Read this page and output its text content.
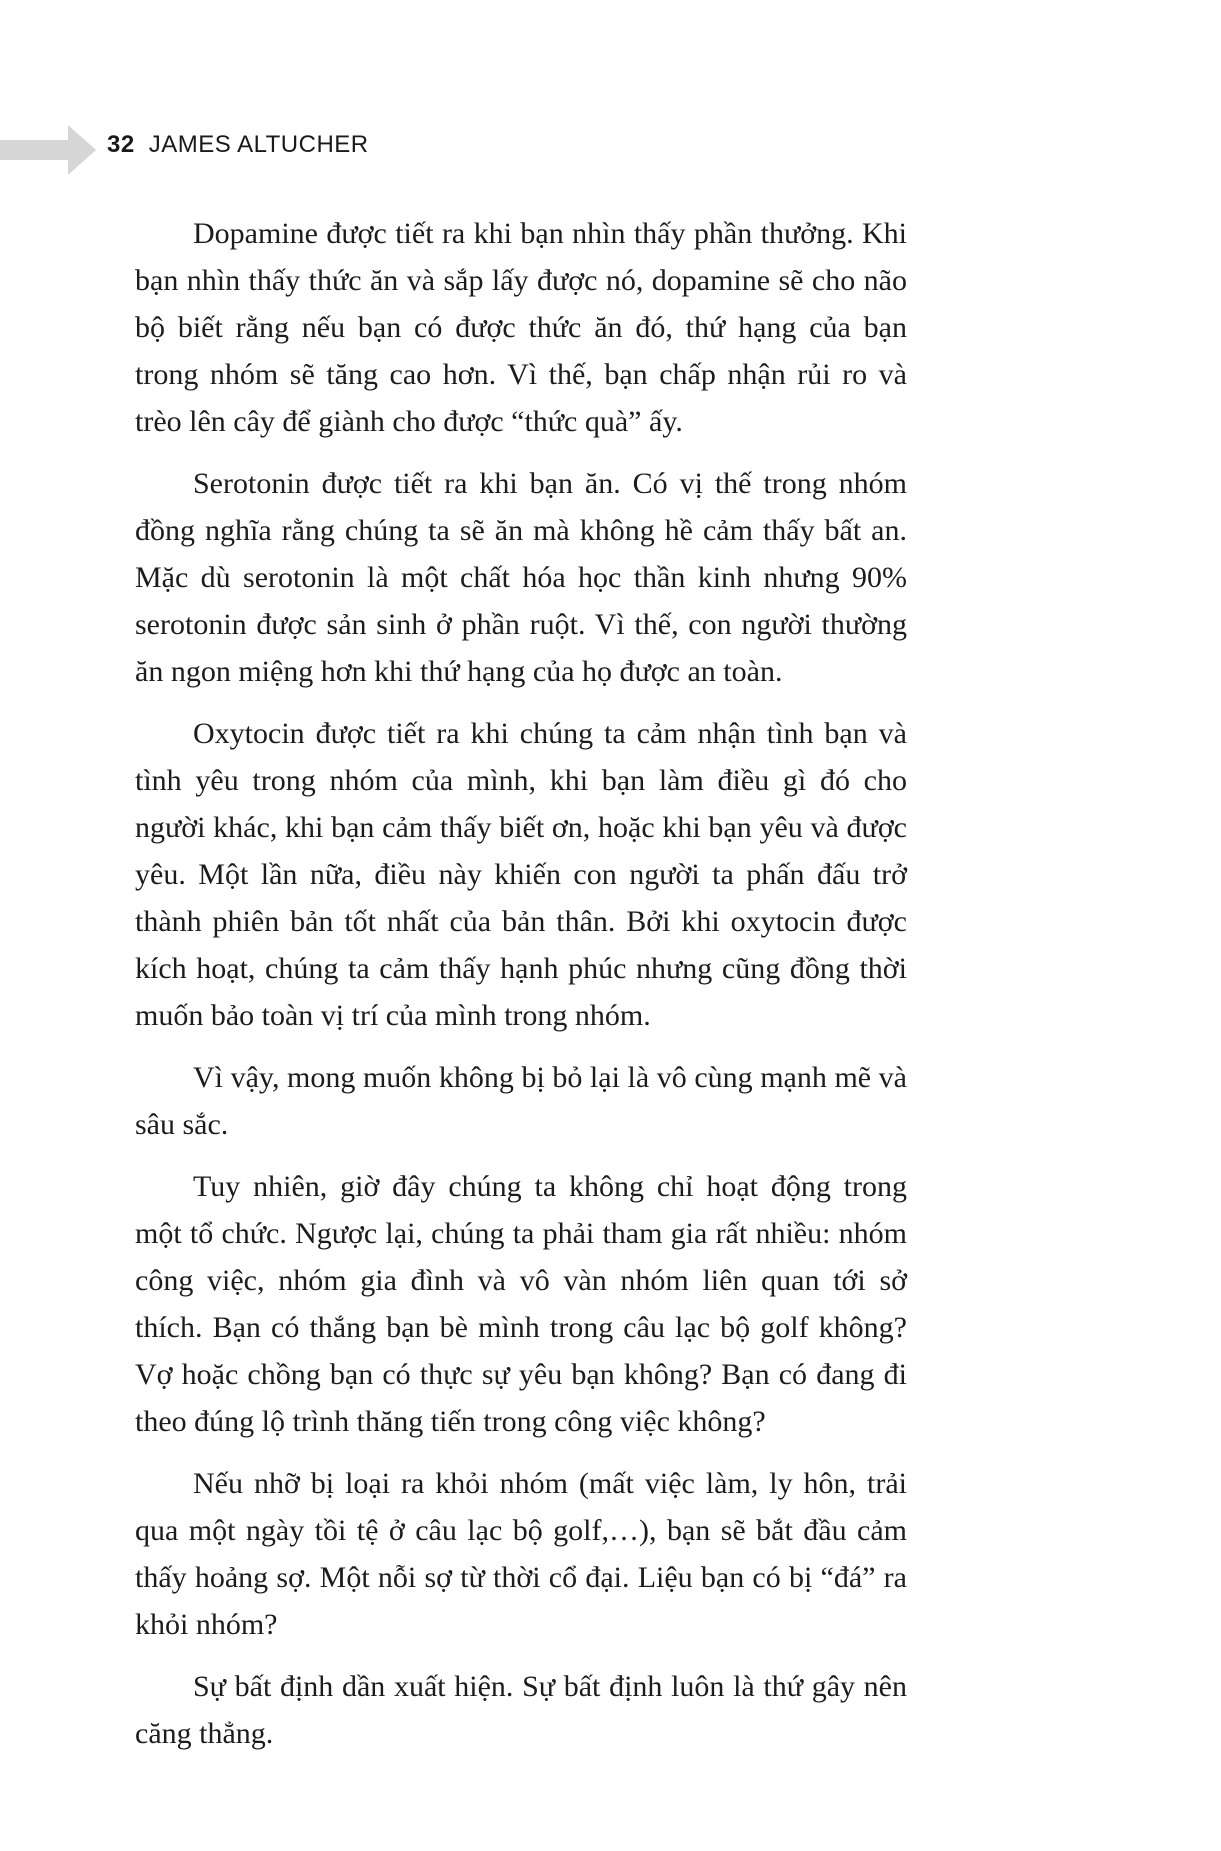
32 JAMES ALTUCHER

Dopamine được tiết ra khi bạn nhìn thấy phần thưởng. Khi bạn nhìn thấy thức ăn và sắp lấy được nó, dopamine sẽ cho não bộ biết rằng nếu bạn có được thức ăn đó, thứ hạng của bạn trong nhóm sẽ tăng cao hơn. Vì thế, bạn chấp nhận rủi ro và trèo lên cây để giành cho được “thức quà” ấy.

Serotonin được tiết ra khi bạn ăn. Có vị thế trong nhóm đồng nghĩa rằng chúng ta sẽ ăn mà không hề cảm thấy bất an. Mặc dù serotonin là một chất hóa học thần kinh nhưng 90% serotonin được sản sinh ở phần ruột. Vì thế, con người thường ăn ngon miệng hơn khi thứ hạng của họ được an toàn.

Oxytocin được tiết ra khi chúng ta cảm nhận tình bạn và tình yêu trong nhóm của mình, khi bạn làm điều gì đó cho người khác, khi bạn cảm thấy biết ơn, hoặc khi bạn yêu và được yêu. Một lần nữa, điều này khiến con người ta phấn đấu trở thành phiên bản tốt nhất của bản thân. Bởi khi oxytocin được kích hoạt, chúng ta cảm thấy hạnh phúc nhưng cũng đồng thời muốn bảo toàn vị trí của mình trong nhóm.

Vì vậy, mong muốn không bị bỏ lại là vô cùng mạnh mẽ và sâu sắc.

Tuy nhiên, giờ đây chúng ta không chỉ hoạt động trong một tổ chức. Ngược lại, chúng ta phải tham gia rất nhiều: nhóm công việc, nhóm gia đình và vô vàn nhóm liên quan tới sở thích. Bạn có thắng bạn bè mình trong câu lạc bộ golf không? Vợ hoặc chồng bạn có thực sự yêu bạn không? Bạn có đang đi theo đúng lộ trình thăng tiến trong công việc không?

Nếu nhỡ bị loại ra khỏi nhóm (mất việc làm, ly hôn, trải qua một ngày tồi tệ ở câu lạc bộ golf,…), bạn sẽ bắt đầu cảm thấy hoảng sợ. Một nỗi sợ từ thời cổ đại. Liệu bạn có bị “đá” ra khỏi nhóm?

Sự bất định dần xuất hiện. Sự bất định luôn là thứ gây nên căng thẳng.
